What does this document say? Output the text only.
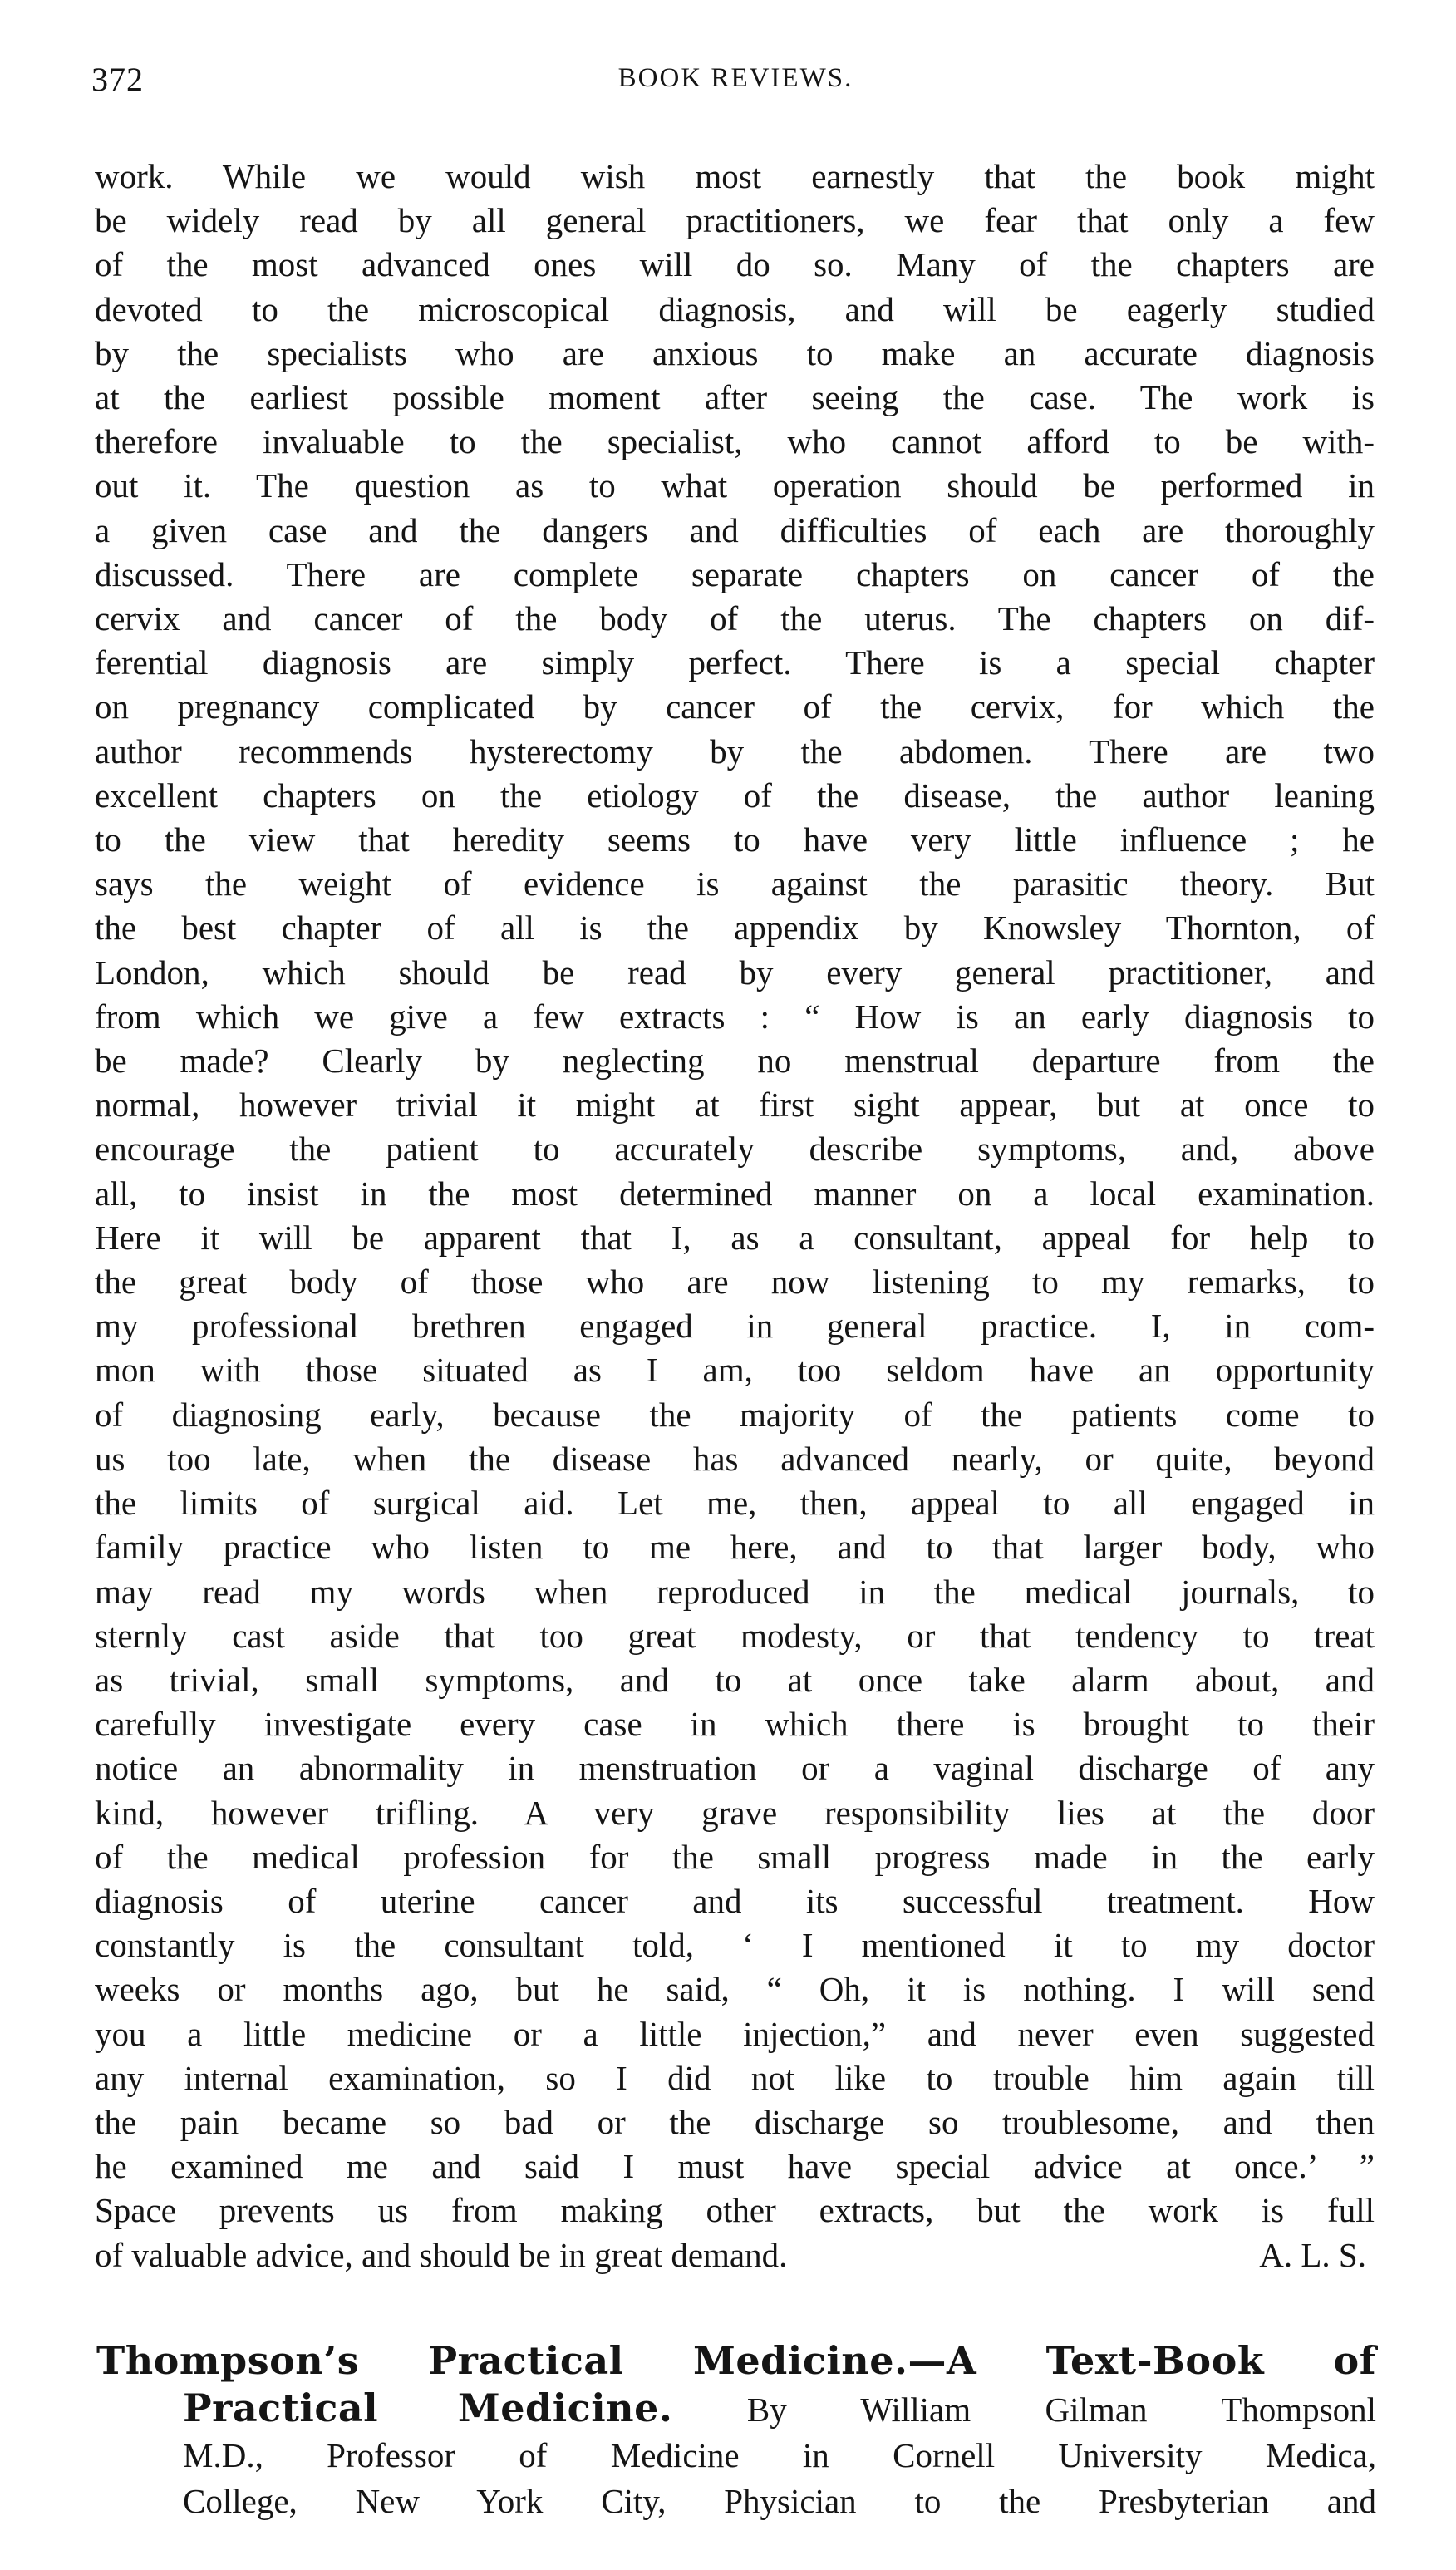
372	BOOK REVIEWS.
work. While we would wish most earnestly that the book might
be widely read by all general practitioners, we fear that only a few
of the most advanced ones will do so. Many of the chapters are
devoted to the microscopical diagnosis, and will be eagerly studied
by the specialists who are anxious to make an accurate diagnosis
at the earliest possible moment after seeing the case. The work is
therefore invaluable to the specialist, who cannot afford to be with-
out it. The question as to what operation should be performed in
a given case and the dangers and difficulties of each are thoroughly
discussed. There are complete separate chapters on cancer of the
cervix and cancer of the body of the uterus. The chapters on dif-
ferential diagnosis are simply perfect. There is a special chapter
on pregnancy complicated by cancer of the cervix, for which the
author recommends hysterectomy by the abdomen. There are two
excellent chapters on the etiology of the disease, the author leaning
to the view that heredity seems to have very little influence ; he
says the weight of evidence is against the parasitic theory. But
the best chapter of all is the appendix by Knowsley Thornton, of
London, which should be read by every general practitioner, and
from which we give a few extracts : “ How is an early diagnosis to
be made? Clearly by neglecting no menstrual departure from the
normal, however trivial it might at first sight appear, but at once to
encourage the patient to accurately describe symptoms, and, above
all, to insist in the most determined manner on a local examination.
Here it will be apparent that I, as a consultant, appeal for help to
the great body of those who are now listening to my remarks, to
my professional brethren engaged in general practice. I, in com-
mon with those situated as I am, too seldom have an opportunity
of diagnosing early, because the majority of the patients come to
us too late, when the disease has advanced nearly, or quite, beyond
the limits of surgical aid. Let me, then, appeal to all engaged in
family practice who listen to me here, and to that larger body, who
may read my words when reproduced in the medical journals, to
sternly cast aside that too great modesty, or that tendency to treat
as trivial, small symptoms, and to at once take alarm about, and
carefully investigate every case in which there is brought to their
notice an abnormality in menstruation or a vaginal discharge of any
kind, however trifling. A very grave responsibility lies at the door
of the medical profession for the small progress made in the early
diagnosis of uterine cancer and its successful treatment. How
constantly is the consultant told, ‘ I mentioned it to my doctor
weeks or months ago, but he said, “ Oh, it is nothing. I will send
you a little medicine or a little injection,” and never even suggested
any internal examination, so I did not like to trouble him again till
the pain became so bad or the discharge so troublesome, and then
he examined me and said I must have special advice at once.’ ”
Space prevents us from making other extracts, but the work is full
of valuable advice, and should be in great demand.	A. L. S.
Thompson’s Practical Medicine.—A Text-Book of
Practical Medicine. By William Gilman Thompsonl
M.D., Professor of Medicine in Cornell University Medica,
College, New York City, Physician to the Presbyterian and
